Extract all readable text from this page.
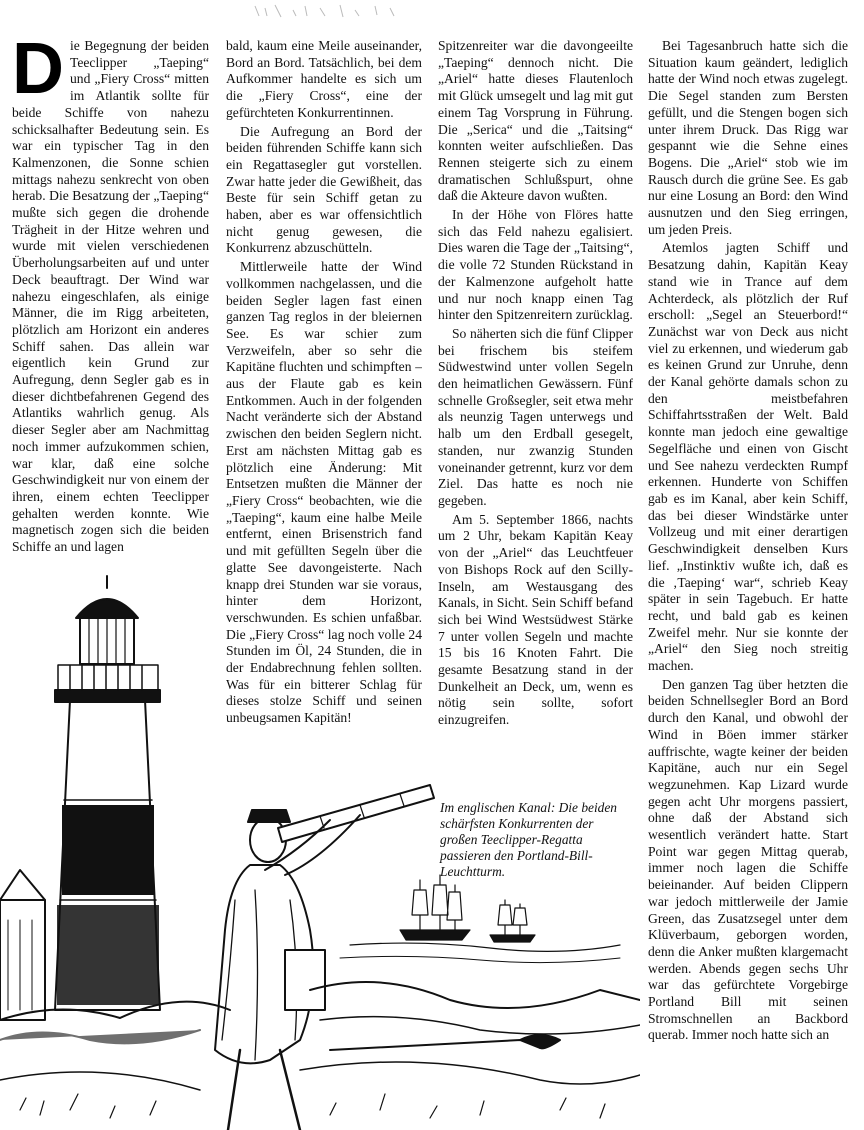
D ie Begegnung der beiden Teeclipper „Taeping“ und „Fiery Cross“ mitten im Atlantik sollte für beide Schiffe von nahezu schicksalhafter Bedeutung sein. Es war ein typischer Tag in den Kalmenzonen, die Sonne schien mittags nahezu senkrecht von oben herab. Die Besatzung der „Taeping“ mußte sich gegen die drohende Trägheit in der Hitze wehren und wurde mit vielen verschiedenen Überholungsarbeiten auf und unter Deck beauftragt. Der Wind war nahezu eingeschlafen, als einige Männer, die im Rigg arbeiteten, plötzlich am Horizont ein anderes Schiff sahen. Das allein war eigentlich kein Grund zur Aufregung, denn Segler gab es in dieser dichtbefahrenen Gegend des Atlantiks wahrlich genug. Als dieser Segler aber am Nachmittag noch immer aufzukommen schien, war klar, daß eine solche Geschwindigkeit nur von einem der ihren, einem echten Teeclipper gehalten werden konnte. Wie magnetisch zogen sich die beiden Schiffe an und lagen

bald, kaum eine Meile auseinander, Bord an Bord. Tatsächlich, bei dem Aufkommer handelte es sich um die „Fiery Cross“, eine der gefürchteten Konkurrentinnen.

Die Aufregung an Bord der beiden führenden Schiffe kann sich ein Regattasegler gut vorstellen. Zwar hatte jeder die Gewißheit, das Beste für sein Schiff getan zu haben, aber es war offensichtlich nicht genug gewesen, die Konkurrenz abzuschütteln.

Mittlerweile hatte der Wind vollkommen nachgelassen, und die beiden Segler lagen fast einen ganzen Tag reglos in der bleiernen See. Es war schier zum Verzweifeln, aber so sehr die Kapitäne fluchten und schimpften – aus der Flaute gab es kein Entkommen. Auch in der folgenden Nacht veränderte sich der Abstand zwischen den beiden Seglern nicht. Erst am nächsten Mittag gab es plötzlich eine Änderung: Mit Entsetzen mußten die Männer der „Fiery Cross“ beobachten, wie die „Taeping“, kaum eine halbe Meile entfernt, einen Brisenstrich fand und mit gefüllten Segeln über die glatte See davongeisterte. Nach knapp drei Stunden war sie voraus, hinter dem Horizont, verschwunden. Es schien unfaßbar. Die „Fiery Cross“ lag noch volle 24 Stunden im Öl, 24 Stunden, die in der Endabrechnung fehlen sollten. Was für ein bitterer Schlag für dieses stolze Schiff und seinen unbeugsamen Kapitän!

Spitzenreiter war die davongeeilte „Taeping“ dennoch nicht. Die „Ariel“ hatte dieses Flautenloch mit Glück umsegelt und lag mit gut einem Tag Vorsprung in Führung. Die „Serica“ und die „Taitsing“ konnten weiter aufschließen. Das Rennen steigerte sich zu einem dramatischen Schlußspurt, ohne daß die Akteure davon wußten.

In der Höhe von Flöres hatte sich das Feld nahezu egalisiert. Dies waren die Tage der „Taitsing“, die volle 72 Stunden Rückstand in der Kalmenzone aufgeholt hatte und nur noch knapp einen Tag hinter den Spitzenreitern zurücklag.

So näherten sich die fünf Clipper bei frischem bis steifem Südwestwind unter vollen Segeln den heimatlichen Gewässern. Fünf schnelle Großsegler, seit etwa mehr als neunzig Tagen unterwegs und halb um den Erdball gesegelt, standen, nur zwanzig Stunden voneinander getrennt, kurz vor dem Ziel. Das hatte es noch nie gegeben.

Am 5. September 1866, nachts um 2 Uhr, bekam Kapitän Keay von der „Ariel“ das Leuchtfeuer von Bishops Rock auf den Scilly-Inseln, am Westausgang des Kanals, in Sicht. Sein Schiff befand sich bei Wind Westsüdwest Stärke 7 unter vollen Segeln und machte 15 bis 16 Knoten Fahrt. Die gesamte Besatzung stand in der Dunkelheit an Deck, um, wenn es nötig sein sollte, sofort einzugreifen.

Bei Tagesanbruch hatte sich die Situation kaum geändert, lediglich hatte der Wind noch etwas zugelegt. Die Segel standen zum Bersten gefüllt, und die Stengen bogen sich unter ihrem Druck. Das Rigg war gespannt wie die Sehne eines Bogens. Die „Ariel“ stob wie im Rausch durch die grüne See. Es gab nur eine Losung an Bord: den Wind ausnutzen und den Sieg erringen, um jeden Preis.

Atemlos jagten Schiff und Besatzung dahin, Kapitän Keay stand wie in Trance auf dem Achterdeck, als plötzlich der Ruf erscholl: „Segel an Steuerbord!“ Zunächst war von Deck aus nicht viel zu erkennen, und wiederum gab es keinen Grund zur Unruhe, denn der Kanal gehörte damals schon zu den meistbefahren Schiffahrtsstraßen der Welt. Bald konnte man jedoch eine gewaltige Segelfläche und einen von Gischt und See nahezu verdeckten Rumpf erkennen. Hunderte von Schiffen gab es im Kanal, aber kein Schiff, das bei dieser Windstärke unter Vollzeug und mit einer derartigen Geschwindigkeit denselben Kurs lief. „Instinktiv wußte ich, daß es die ‚Taeping‘ war“, schrieb Keay später in sein Tagebuch. Er hatte recht, und bald gab es keinen Zweifel mehr. Nur sie konnte der „Ariel“ den Sieg noch streitig machen.

Den ganzen Tag über hetzten die beiden Schnellsegler Bord an Bord durch den Kanal, und obwohl der Wind in Böen immer stärker auffrischte, wagte keiner der beiden Kapitäne, auch nur ein Segel wegzunehmen. Kap Lizard wurde gegen acht Uhr morgens passiert, ohne daß der Abstand sich wesentlich verändert hatte. Start Point war gegen Mittag querab, immer noch lagen die Schiffe beieinander. Auf beiden Clippern war jedoch mittlerweile der Jamie Green, das Zusatzsegel unter dem Klüverbaum, geborgen worden, denn die Anker mußten klargemacht werden. Abends gegen sechs Uhr war das gefürchtete Vorgebirge Portland Bill mit seinen Stromschnellen an Backbord querab. Immer noch hatte sich an

Im englischen Kanal: Die beiden schärfsten Konkurrenten der großen Teeclipper-Regatta passieren den Portland-Bill-Leuchtturm.
